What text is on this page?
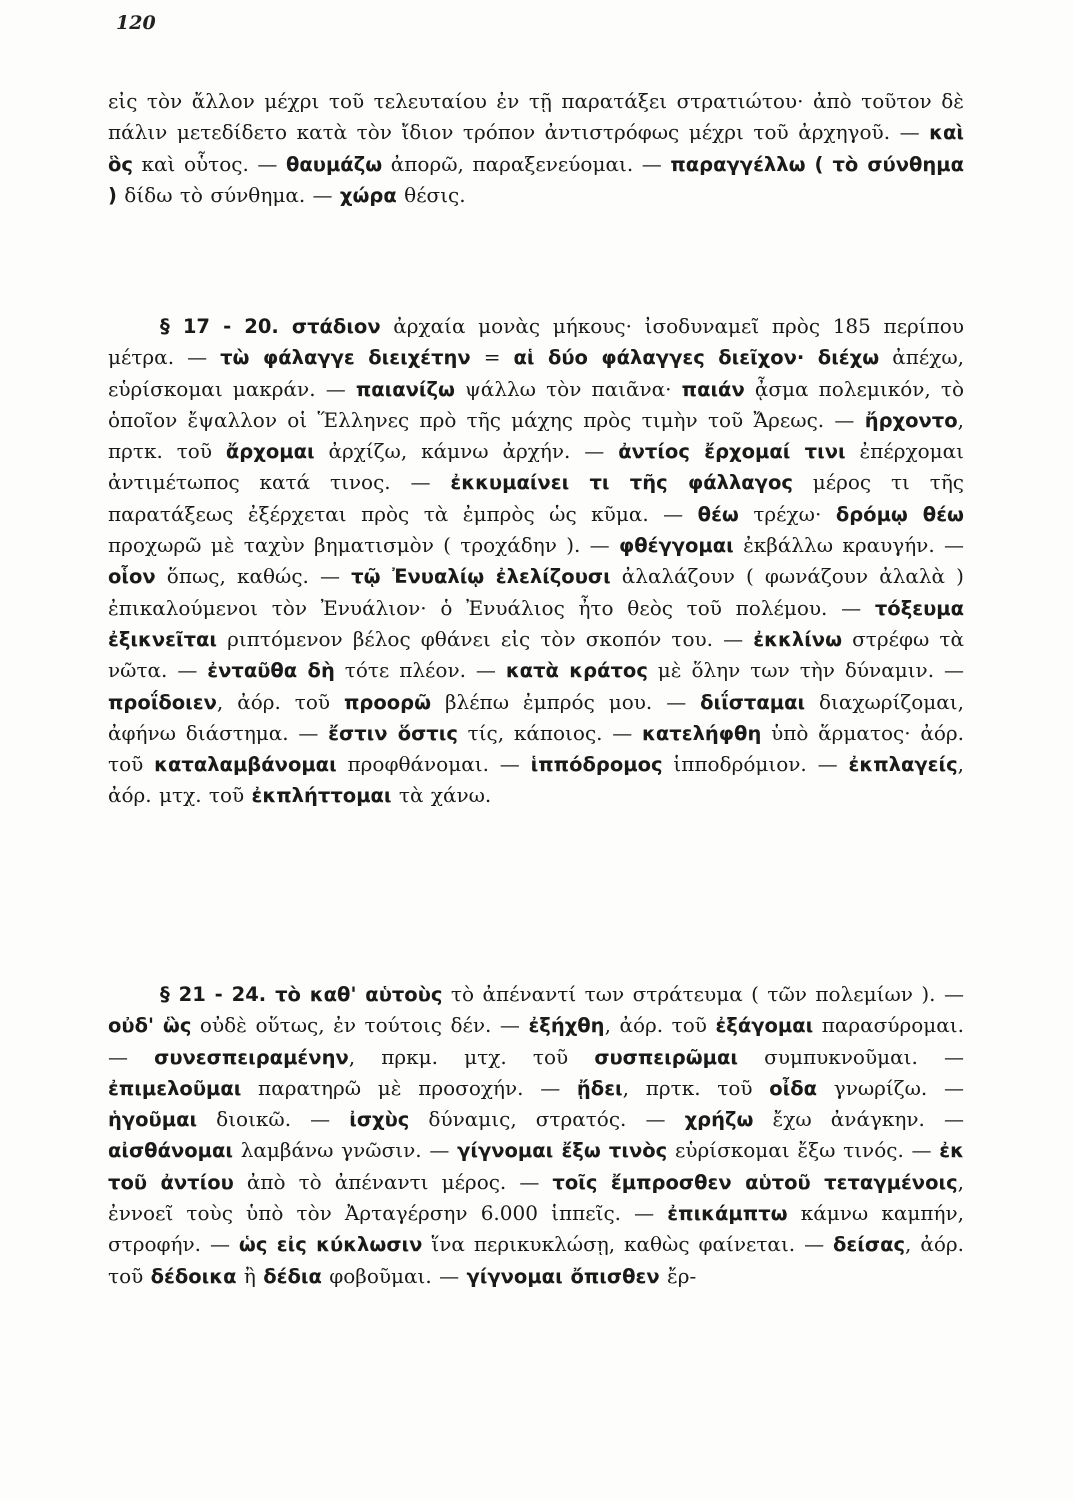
120
εἰς τὸν ἄλλον μέχρι τοῦ τελευταίου ἐν τῇ παρατάξει στρατιώτου· ἀπὸ τοῦτον δὲ πάλιν μετεδίδετο κατὰ τὸν ἴδιον τρόπον ἀντιστρόφως μέχρι τοῦ ἀρχηγοῦ. — καὶ ὃς καὶ οὗτος. — θαυμάζω ἀπορῶ, παραξενεύομαι. — παραγγέλλω ( τὸ σύνθημα ) δίδω τὸ σύνθημα. — χώρα θέσις.
§ 17 - 20. στάδιον ἀρχαία μονὰς μήκους· ἰσοδυναμεῖ πρὸς 185 περίπου μέτρα. — τὼ φάλαγγε διειχέτην = αἱ δύο φάλαγγες διεῖχον· διέχω ἀπέχω, εὑρίσκομαι μακράν. — παιανίζω ψάλλω τὸν παιᾶνα· παιάν ᾆσμα πολεμικόν, τὸ ὁποῖον ἔψαλλον οἱ Ἕλληνες πρὸ τῆς μάχης πρὸς τιμὴν τοῦ Ἄρεως. — ἤρχοντο, πρτκ. τοῦ ἄρχομαι ἀρχίζω, κάμνω ἀρχήν. — ἀντίος ἔρχομαί τινι ἐπέρχομαι ἀντιμέτωπος κατά τινος. — ἐκκυμαίνει τι τῆς φάλλαγος μέρος τι τῆς παρατάξεως ἐξέρχεται πρὸς τὰ ἐμπρὸς ὡς κῦμα. — θέω τρέχω· δρόμῳ θέω προχωρῶ μὲ ταχὺν βηματισμὸν ( τροχάδην ). — φθέγγομαι ἐκβάλλω κραυγήν. — οἷον ὅπως, καθώς. — τῷ Ἐνυαλίῳ ἐλελίζουσι ἀλαλάζουν ( φωνάζουν ἀλαλὰ ) ἐπικαλούμενοι τὸν Ἐνυάλιον· ὁ Ἐνυάλιος ἦτο θεὸς τοῦ πολέμου. — τόξευμα ἐξικνεῖται ριπτόμενον βέλος φθάνει εἰς τὸν σκοπόν του. — ἐκκλίνω στρέφω τὰ νῶτα. — ἐνταῦθα δὴ τότε πλέον. — κατὰ κράτος μὲ ὅλην των τὴν δύναμιν. — προΐδοιεν, ἀόρ. τοῦ προορῶ βλέπω ἐμπρός μου. — διΐσταμαι διαχωρίζομαι, ἀφήνω διάστημα. — ἔστιν ὅστις τίς, κάποιος. — κατελήφθη ὑπὸ ἅρματος· ἀόρ. τοῦ καταλαμβάνομαι προφθάνομαι. — ἱππόδρομος ἱπποδρόμιον. — ἐκπλαγείς, ἀόρ. μτχ. τοῦ ἐκπλήττομαι τὰ χάνω.
§ 21 - 24. τὸ καθ' αὑτοὺς τὸ ἀπέναντί των στράτευμα ( τῶν πολεμίων ). — οὐδ' ὣς οὐδὲ οὕτως, ἐν τούτοις δέν. — ἐξήχθη, ἀόρ. τοῦ ἐξάγομαι παρασύρομαι. — συνεσπειραμένην, πρκμ. μτχ. τοῦ συσπειρῶμαι συμπυκνοῦμαι. — ἐπιμελοῦμαι παρατηρῶ μὲ προσοχήν. — ᾔδει, πρτκ. τοῦ οἶδα γνωρίζω. — ἡγοῦμαι διοικῶ. — ἰσχὺς δύναμις, στρατός. — χρήζω ἔχω ἀνάγκην. — αἰσθάνομαι λαμβάνω γνῶσιν. — γίγνομαι ἔξω τινὸς εὑρίσκομαι ἔξω τινός. — ἐκ τοῦ ἀντίου ἀπὸ τὸ ἀπέναντι μέρος. — τοῖς ἔμπροσθεν αὑτοῦ τεταγμένοις, ἐννοεῖ τοὺς ὑπὸ τὸν Ἀρταγέρσην 6.000 ἱππεῖς. — ἐπικάμπτω κάμνω καμπήν, στροφήν. — ὡς εἰς κύκλωσιν ἵνα περικυκλώσῃ, καθὼς φαίνεται. — δείσας, ἀόρ. τοῦ δέδοικα ἢ δέδια φοβοῦμαι. — γίγνομαι ὄπισθεν ἔρ-
